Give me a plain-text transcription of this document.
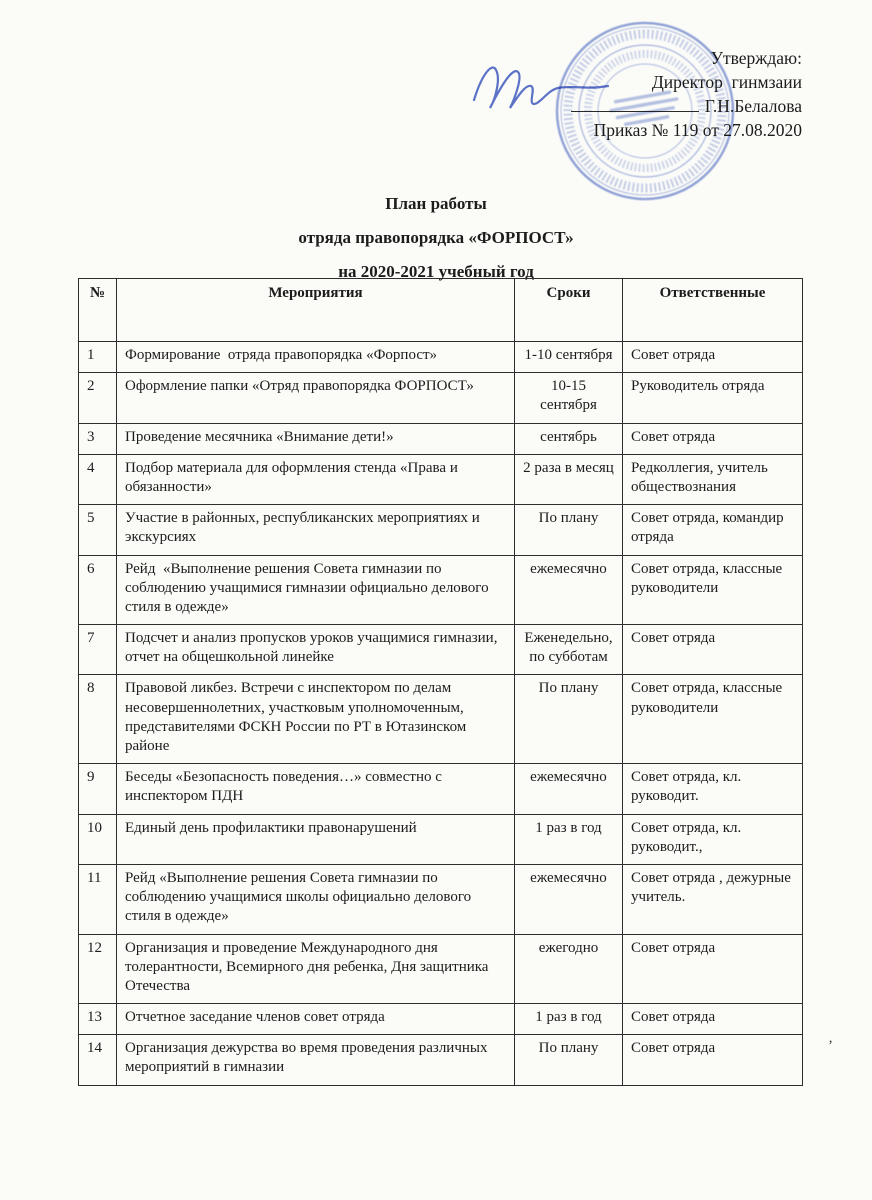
Утверждаю:
Директор  гинмзаии
Г.Н.Белалова
Приказ № 119 от 27.08.2020
План работы
отряда правопорядка «ФОРПОСТ»
на 2020-2021 учебный год
№	Мероприятия	Сроки	Ответственные
1	Формирование  отряда правопорядка «Форпост»	1-10 сентября	Совет отряда
2	Оформление папки «Отряд правопорядка ФОРПОСТ»	10-15 сентября	Руководитель отряда
3	Проведение месячника «Внимание дети!»	сентябрь	Совет отряда
4	Подбор материала для оформления стенда «Права и обязанности»	2 раза в месяц	Редколлегия, учитель обществознания
5	Участие в районных, республиканских мероприятиях и экскурсиях	По плану	Совет отряда, командир отряда
6	Рейд  «Выполнение решения Совета гимназии по соблюдению учащимися гимназии официально делового стиля в одежде»	ежемесячно	Совет отряда, классные руководители
7	Подсчет и анализ пропусков уроков учащимися гимназии, отчет на общешкольной линейке	Еженедельно, по субботам	Совет отряда
8	Правовой ликбез. Встречи с инспектором по делам несовершеннолетних, участковым уполномоченным, представителями ФСКН России по РТ в Ютазинском районе	По плану	Совет отряда, классные руководители
9	Беседы «Безопасность поведения…» совместно с инспектором ПДН	ежемесячно	Совет отряда, кл. руководит.
10	Единый день профилактики правонарушений	1 раз в год	Совет отряда, кл. руководит.,
11	Рейд «Выполнение решения Совета гимназии по соблюдению учащимися школы официально делового стиля в одежде»	ежемесячно	Совет отряда , дежурные учитель.
12	Организация и проведение Международного дня толерантности, Всемирного дня ребенка, Дня защитника Отечества	ежегодно	Совет отряда
13	Отчетное заседание членов совет отряда	1 раз в год	Совет отряда
14	Организация дежурства во время проведения различных мероприятий в гимназии	По плану	Совет отряда	’
